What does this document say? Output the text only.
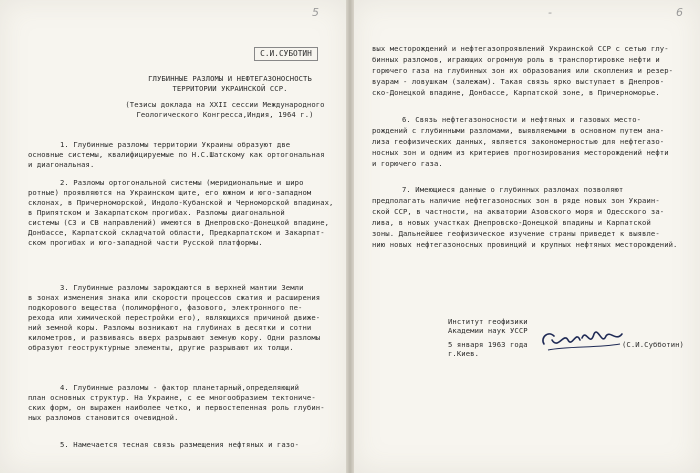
5	-	6
С.И.СУБОТИН
ГЛУБИННЫЕ РАЗЛОМЫ И НЕФТЕГАЗОНОСНОСТЬ
ТЕРРИТОРИИ УКРАИНСКОЙ ССР.
(Тезисы доклада на XXII сессии Международного
Геологического Конгресса,Индия, 1964 г.)
1. Глубинные разломы территории Украины образуют две
основные системы, квалифицируемые по Н.С.Шатскому как ортогональная
и диагональная.
2. Разломы ортогональной системы (меридиональные и широ
ротные) проявляются на Украинском щите, его южном и юго-западном
склонах, в Причерноморской, Индоло-Кубанской и Черноморской впадинах,
в Припятском и Закарпатском прогибах. Разломы диагональной
системы (СЗ и СВ направлений) имеются в Днепровско-Донецкой впадине,
Донбассе, Карпатской складчатой области, Предкарпатском и Закарпат-
ском прогибах и юго-западной части Русской платформы.
3. Глубинные разломы зарождаются в верхней мантии Земли
в зонах изменения знака или скорости процессов сжатия и расширения
подкорового вещества (полиморфного, фазового, электронного пе-
рехода или химической перестройки его), являющихся причиной движе-
ний земной коры. Разломы возникают на глубинах в десятки и сотни
километров, и развиваясь вверх разрывают земную кору. Одни разломы
образуют геоструктурные элементы, другие разрывают их толщи.
4. Глубинные разломы - фактор планетарный,определяющий
план основных структур. На Украине, с ее многообразием тектониче-
ских форм, он выражен наиболее четко, и первостепенная роль глубин-
ных разломов становится очевидной.
5. Намечается тесная связь размещения нефтяных и газо-
вых месторождений и нефтегазопроявлений Украинской ССР с сетью глу-
бинных разломов, играющих огромную роль в транспортировке нефти и
горючего газа на глубинных зон их образования или скопления и резер-
вуарам - ловушкам (залежам). Такая связь ярко выступает в Днепров-
ско-Донецкой впадине, Донбассе, Карпатской зоне, в Причерноморье.
6. Связь нефтегазоносности и нефтяных и газовых место-
рождений с глубинными разломами, выявляемыми в основном путем ана-
лиза геофизических данных, является закономерностью для нефтегазо-
носных зон и одним из критериев прогнозирования месторождений нефти
и горючего газа.
7. Имеющиеся данные о глубинных разломах позволяют
предполагать наличие нефтегазоносных зон в ряде новых зон Украин-
ской ССР, в частности, на акватории Азовского моря и Одесского за-
лива, в новых участках Днепровско-Донецкой впадины и Карпатской
зоны. Дальнейшее геофизическое изучение страны приведет к выявле-
нию новых нефтегазоносных провинций и крупных нефтяных месторождений.
Институт геофизики
Академии наук УССР
5 января 1963 года
г.Киев.
(С.И.Субботин)
